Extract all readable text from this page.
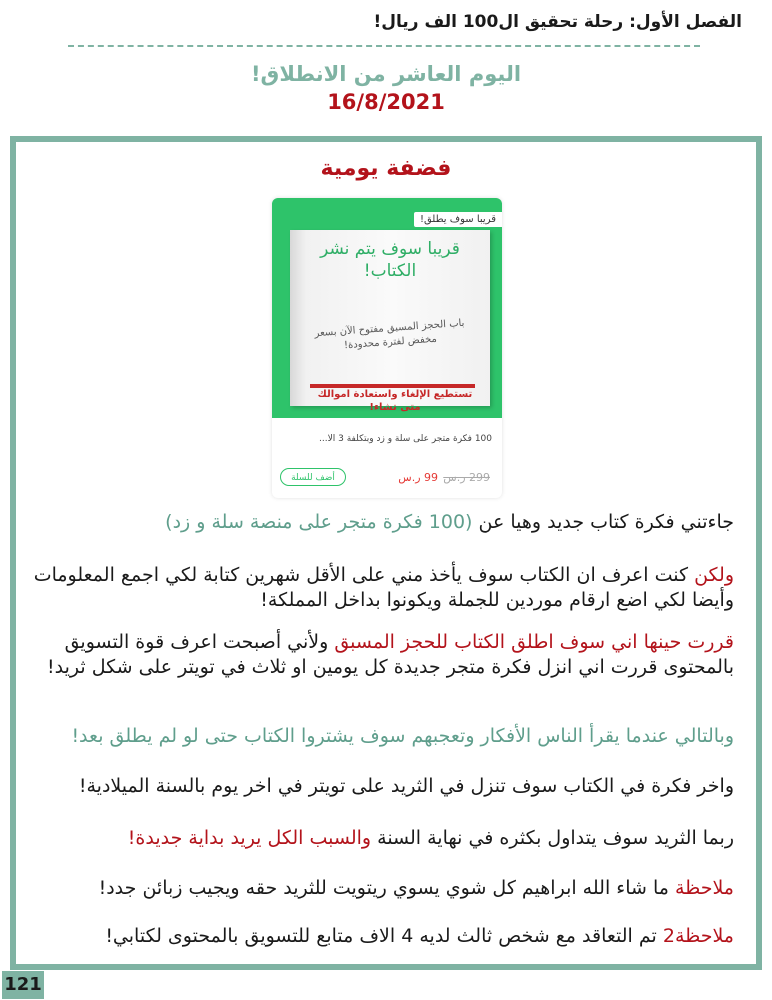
الفصل الأول: رحلة تحقيق ال100 الف ريال!
اليوم العاشر من الانطلاق!
16/8/2021
فضفة يومية
قريبا سوف يطلق!
قريبا سوف يتم نشر الكتاب!
باب الحجز المسبق مفتوح الآن بسعر مخفض لفترة محدودة!
تستطيع الإلغاء واستعادة اموالك متى تشاء!
100 فكرة متجر على سلة و زد وبتكلفة 3 آلا...
299 ر.س
99 ر.س
أضف للسلة
جاءتني فكرة كتاب جديد وهيا عن (100 فكرة متجر على منصة سلة و زد)
ولكن كنت اعرف ان الكتاب سوف يأخذ مني على الأقل شهرين كتابة لكي اجمع المعلومات وأيضا لكي اضع ارقام موردين للجملة ويكونوا بداخل المملكة!
قررت حينها اني سوف اطلق الكتاب للحجز المسبق ولأني أصبحت اعرف قوة التسويق بالمحتوى قررت اني انزل فكرة متجر جديدة كل يومين او ثلاث في تويتر على شكل ثريد!
وبالتالي عندما يقرأ الناس الأفكار وتعجبهم سوف يشتروا الكتاب حتى لو لم يطلق بعد!
واخر فكرة في الكتاب سوف تنزل في الثريد على تويتر في اخر يوم بالسنة الميلادية!
ربما الثريد سوف يتداول بكثره في نهاية السنة والسبب الكل يريد بداية جديدة!
ملاحظة ما شاء الله ابراهيم كل شوي يسوي ريتويت للثريد حقه ويجيب زبائن جدد!
ملاحظة2 تم التعاقد مع شخص ثالث لديه 4 الاف متابع للتسويق بالمحتوى لكتابي!
121
